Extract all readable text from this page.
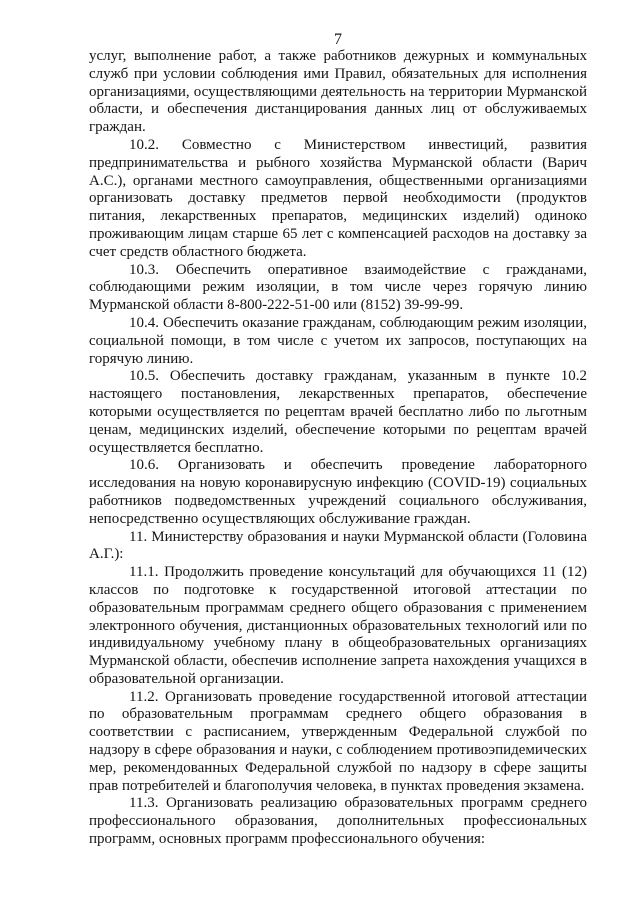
7

услуг, выполнение работ, а также работников дежурных и коммунальных служб при условии соблюдения ими Правил, обязательных для исполнения организациями, осуществляющими деятельность на территории Мурманской области, и обеспечения дистанцирования данных лиц от обслуживаемых граждан.

10.2. Совместно с Министерством инвестиций, развития предпринимательства и рыбного хозяйства Мурманской области (Варич А.С.), органами местного самоуправления, общественными организациями организовать доставку предметов первой необходимости (продуктов питания, лекарственных препаратов, медицинских изделий) одиноко проживающим лицам старше 65 лет с компенсацией расходов на доставку за счет средств областного бюджета.

10.3. Обеспечить оперативное взаимодействие с гражданами, соблюдающими режим изоляции, в том числе через горячую линию Мурманской области 8-800-222-51-00 или (8152) 39-99-99.

10.4. Обеспечить оказание гражданам, соблюдающим режим изоляции, социальной помощи, в том числе с учетом их запросов, поступающих на горячую линию.

10.5. Обеспечить доставку гражданам, указанным в пункте 10.2 настоящего постановления, лекарственных препаратов, обеспечение которыми осуществляется по рецептам врачей бесплатно либо по льготным ценам, медицинских изделий, обеспечение которыми по рецептам врачей осуществляется бесплатно.

10.6. Организовать и обеспечить проведение лабораторного исследования на новую коронавирусную инфекцию (COVID-19) социальных работников подведомственных учреждений социального обслуживания, непосредственно осуществляющих обслуживание граждан.

11. Министерству образования и науки Мурманской области (Головина А.Г.):

11.1. Продолжить проведение консультаций для обучающихся 11 (12) классов по подготовке к государственной итоговой аттестации по образовательным программам среднего общего образования с применением электронного обучения, дистанционных образовательных технологий или по индивидуальному учебному плану в общеобразовательных организациях Мурманской области, обеспечив исполнение запрета нахождения учащихся в образовательной организации.

11.2. Организовать проведение государственной итоговой аттестации по образовательным программам среднего общего образования в соответствии с расписанием, утвержденным Федеральной службой по надзору в сфере образования и науки, с соблюдением противоэпидемических мер, рекомендованных Федеральной службой по надзору в сфере защиты прав потребителей и благополучия человека, в пунктах проведения экзамена.

11.3. Организовать реализацию образовательных программ среднего профессионального образования, дополнительных профессиональных программ, основных программ профессионального обучения:
